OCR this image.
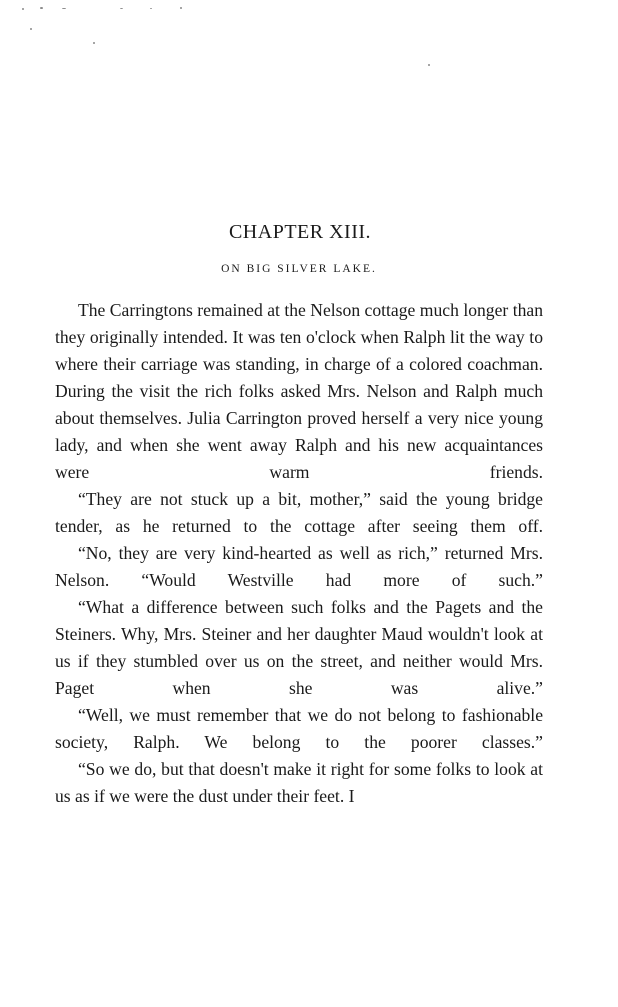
CHAPTER XIII.
ON BIG SILVER LAKE.

The Carringtons remained at the Nelson cottage much longer than they originally intended. It was ten o'clock when Ralph lit the way to where their carriage was standing, in charge of a colored coachman. During the visit the rich folks asked Mrs. Nelson and Ralph much about themselves. Julia Carrington proved herself a very nice young lady, and when she went away Ralph and his new acquaintances were warm friends.

“They are not stuck up a bit, mother,” said the young bridge tender, as he returned to the cottage after seeing them off.

“No, they are very kind-hearted as well as rich,” returned Mrs. Nelson. “Would Westville had more of such.”

“What a difference between such folks and the Pagets and the Steiners. Why, Mrs. Steiner and her daughter Maud wouldn't look at us if they stumbled over us on the street, and neither would Mrs. Paget when she was alive.”

“Well, we must remember that we do not belong to fashionable society, Ralph. We belong to the poorer classes.”

“So we do, but that doesn't make it right for some folks to look at us as if we were the dust under their feet. I
